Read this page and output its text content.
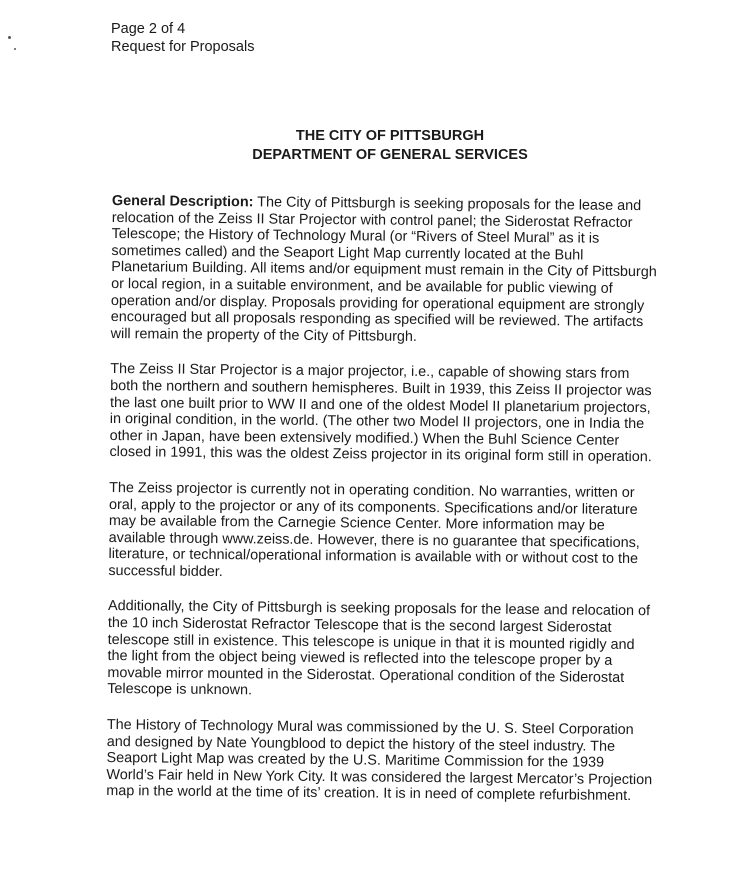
Page 2 of 4
Request for Proposals
THE CITY OF PITTSBURGH
DEPARTMENT OF GENERAL SERVICES

General Description: The City of Pittsburgh is seeking proposals for the lease and relocation of the Zeiss II Star Projector with control panel; the Siderostat Refractor Telescope; the History of Technology Mural (or “Rivers of Steel Mural” as it is sometimes called) and the Seaport Light Map currently located at the Buhl Planetarium Building. All items and/or equipment must remain in the City of Pittsburgh or local region, in a suitable environment, and be available for public viewing of operation and/or display. Proposals providing for operational equipment are strongly encouraged but all proposals responding as specified will be reviewed. The artifacts will remain the property of the City of Pittsburgh.

The Zeiss II Star Projector is a major projector, i.e., capable of showing stars from both the northern and southern hemispheres. Built in 1939, this Zeiss II projector was the last one built prior to WW II and one of the oldest Model II planetarium projectors, in original condition, in the world. (The other two Model II projectors, one in India the other in Japan, have been extensively modified.) When the Buhl Science Center closed in 1991, this was the oldest Zeiss projector in its original form still in operation.

The Zeiss projector is currently not in operating condition. No warranties, written or oral, apply to the projector or any of its components. Specifications and/or literature may be available from the Carnegie Science Center. More information may be available through www.zeiss.de. However, there is no guarantee that specifications, literature, or technical/operational information is available with or without cost to the successful bidder.

Additionally, the City of Pittsburgh is seeking proposals for the lease and relocation of the 10 inch Siderostat Refractor Telescope that is the second largest Siderostat telescope still in existence. This telescope is unique in that it is mounted rigidly and the light from the object being viewed is reflected into the telescope proper by a movable mirror mounted in the Siderostat. Operational condition of the Siderostat Telescope is unknown.

The History of Technology Mural was commissioned by the U. S. Steel Corporation and designed by Nate Youngblood to depict the history of the steel industry. The Seaport Light Map was created by the U.S. Maritime Commission for the 1939 World’s Fair held in New York City. It was considered the largest Mercator’s Projection map in the world at the time of its’ creation. It is in need of complete refurbishment.
